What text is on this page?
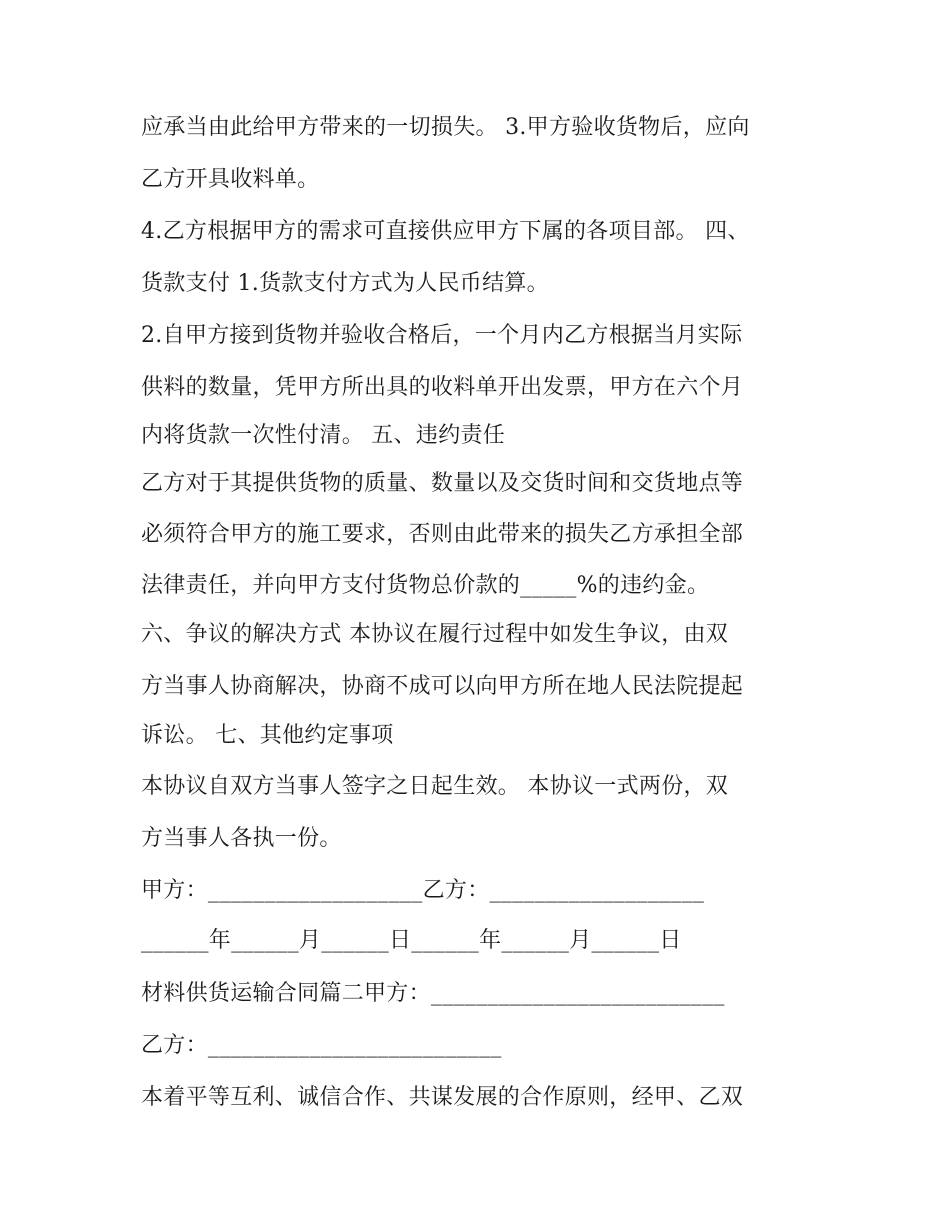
应承当由此给甲方带来的一切损失。 3.甲方验收货物后，应向
乙方开具收料单。
4.乙方根据甲方的需求可直接供应甲方下属的各项目部。 四、
货款支付 1.货款支付方式为人民币结算。
2.自甲方接到货物并验收合格后，一个月内乙方根据当月实际
供料的数量，凭甲方所出具的收料单开出发票，甲方在六个月
内将货款一次性付清。 五、违约责任
乙方对于其提供货物的质量、数量以及交货时间和交货地点等
必须符合甲方的施工要求，否则由此带来的损失乙方承担全部
法律责任，并向甲方支付货物总价款的_____%的违约金。
六、争议的解决方式 本协议在履行过程中如发生争议，由双
方当事人协商解决，协商不成可以向甲方所在地人民法院提起
诉讼。 七、其他约定事项
本协议自双方当事人签字之日起生效。 本协议一式两份，双
方当事人各执一份。
甲方：___________________乙方：___________________
______年______月______日______年______月______日
材料供货运输合同篇二甲方：__________________________
乙方：__________________________
本着平等互利、诚信合作、共谋发展的合作原则，经甲、乙双
